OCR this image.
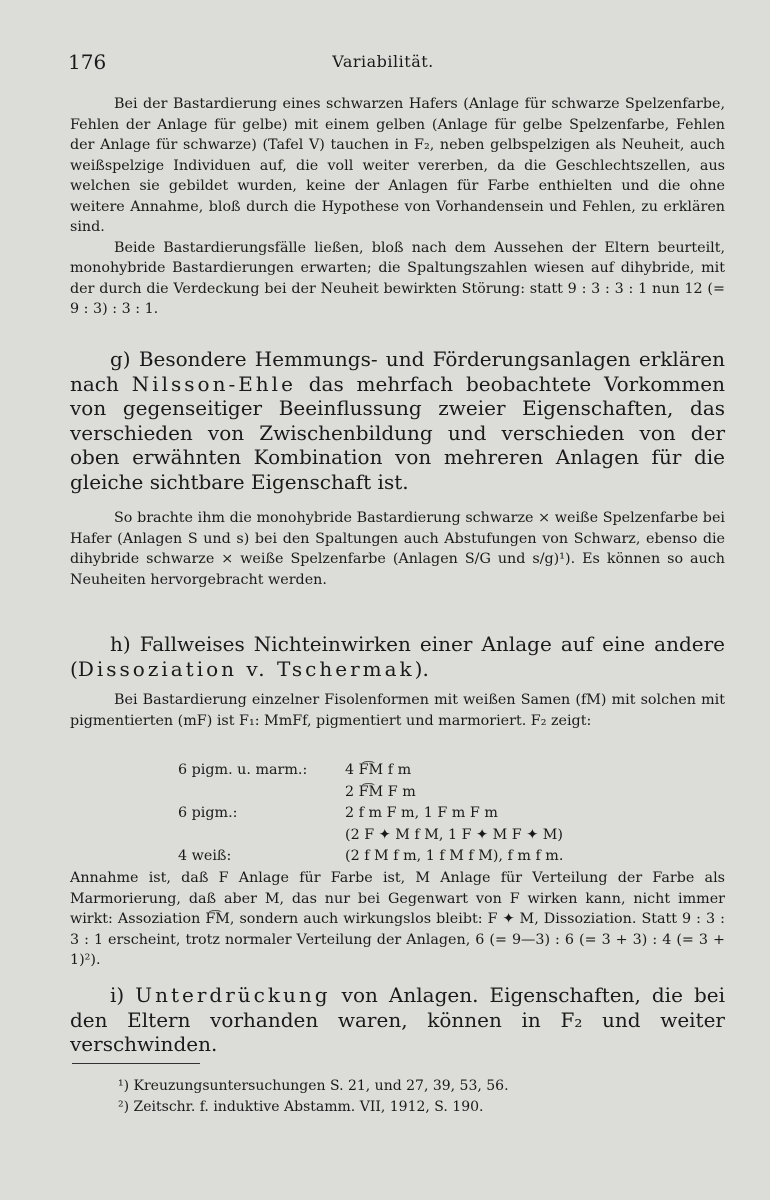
176	Variabilität.

Bei der Bastardierung eines schwarzen Hafers (Anlage für schwarze Spelzenfarbe, Fehlen der Anlage für gelbe) mit einem gelben (Anlage für gelbe Spelzenfarbe, Fehlen der Anlage für schwarze) (Tafel V) tauchen in F₂, neben gelbspelzigen als Neuheit, auch weißspelzige Individuen auf, die voll weiter vererben, da die Geschlechtszellen, aus welchen sie gebildet wurden, keine der Anlagen für Farbe enthielten und die ohne weitere Annahme, bloß durch die Hypothese von Vorhandensein und Fehlen, zu erklären sind.

Beide Bastardierungsfälle ließen, bloß nach dem Aussehen der Eltern beurteilt, monohybride Bastardierungen erwarten; die Spaltungszahlen wiesen auf dihybride, mit der durch die Verdeckung bei der Neuheit bewirkten Störung: statt 9 : 3 : 3 : 1 nun 12 (= 9 : 3) : 3 : 1.

g) Besondere Hemmungs- und Förderungsanlagen erklären nach Nilsson-Ehle das mehrfach beobachtete Vorkommen von gegenseitiger Beeinflussung zweier Eigenschaften, das verschieden von Zwischenbildung und verschieden von der oben erwähnten Kombination von mehreren Anlagen für die gleiche sichtbare Eigenschaft ist.

So brachte ihm die monohybride Bastardierung schwarze × weiße Spelzenfarbe bei Hafer (Anlagen S und s) bei den Spaltungen auch Abstufungen von Schwarz, ebenso die dihybride schwarze × weiße Spelzenfarbe (Anlagen S/G und s/g)¹). Es können so auch Neuheiten hervorgebracht werden.

h) Fallweises Nichteinwirken einer Anlage auf eine andere (Dissoziation v. Tschermak).

Bei Bastardierung einzelner Fisolenformen mit weißen Samen (fM) mit solchen mit pigmentierten (mF) ist F₁: MmFf, pigmentiert und marmoriert. F₂ zeigt:

6 pigm. u. marm.:	4 F͡M f m
2 F͡M F m
6 pigm.:	2 f m F m, 1 F m F m
(2 F ✦ M f M, 1 F ✦ M F ✦ M)
4 weiß:	(2 f M f m, 1 f M f M), f m f m.

Annahme ist, daß F Anlage für Farbe ist, M Anlage für Verteilung der Farbe als Marmorierung, daß aber M, das nur bei Gegenwart von F wirken kann, nicht immer wirkt: Assoziation F͡M, sondern auch wirkungslos bleibt: F ✦ M, Dissoziation. Statt 9 : 3 : 3 : 1 erscheint, trotz normaler Verteilung der Anlagen, 6 (= 9—3) : 6 (= 3 + 3) : 4 (= 3 + 1)²).

i) Unterdrückung von Anlagen. Eigenschaften, die bei den Eltern vorhanden waren, können in F₂ und weiter verschwinden.

¹) Kreuzungsuntersuchungen S. 21, und 27, 39, 53, 56.
²) Zeitschr. f. induktive Abstamm. VII, 1912, S. 190.
